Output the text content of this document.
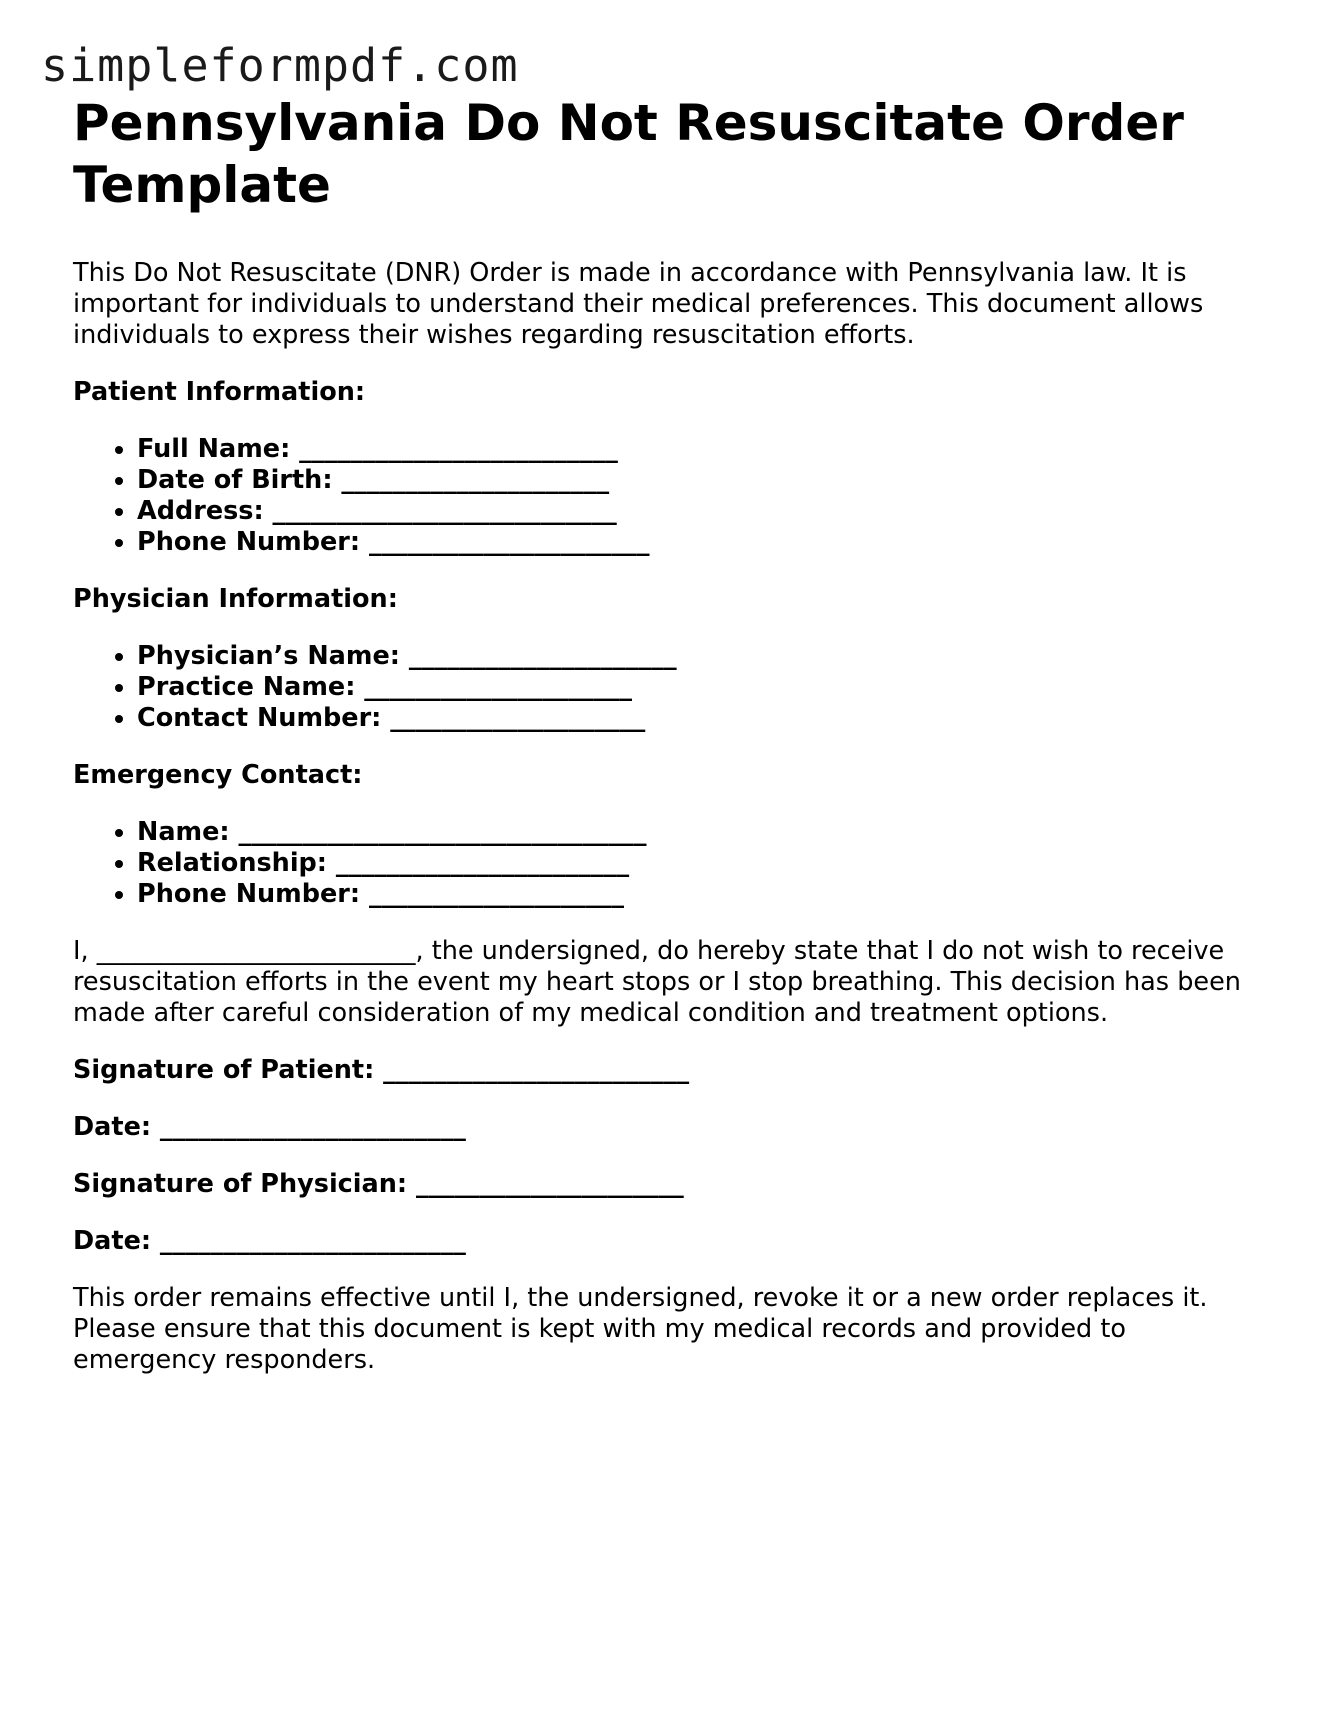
simpleformpdf.com
Pennsylvania Do Not Resuscitate Order Template

This Do Not Resuscitate (DNR) Order is made in accordance with Pennsylvania law. It is important for individuals to understand their medical preferences. This document allows individuals to express their wishes regarding resuscitation efforts.

Patient Information:

• Full Name: _________________________
• Date of Birth: _____________________
• Address: ___________________________
• Phone Number: ______________________

Physician Information:

• Physician’s Name: _____________________
• Practice Name: _____________________
• Contact Number: ____________________

Emergency Contact:

• Name: ________________________________
• Relationship: _______________________
• Phone Number: ____________________

I, _________________________, the undersigned, do hereby state that I do not wish to receive resuscitation efforts in the event my heart stops or I stop breathing. This decision has been made after careful consideration of my medical condition and treatment options.

Signature of Patient: ________________________

Date: ________________________

Signature of Physician: _____________________

Date: ________________________

This order remains effective until I, the undersigned, revoke it or a new order replaces it. Please ensure that this document is kept with my medical records and provided to emergency responders.
